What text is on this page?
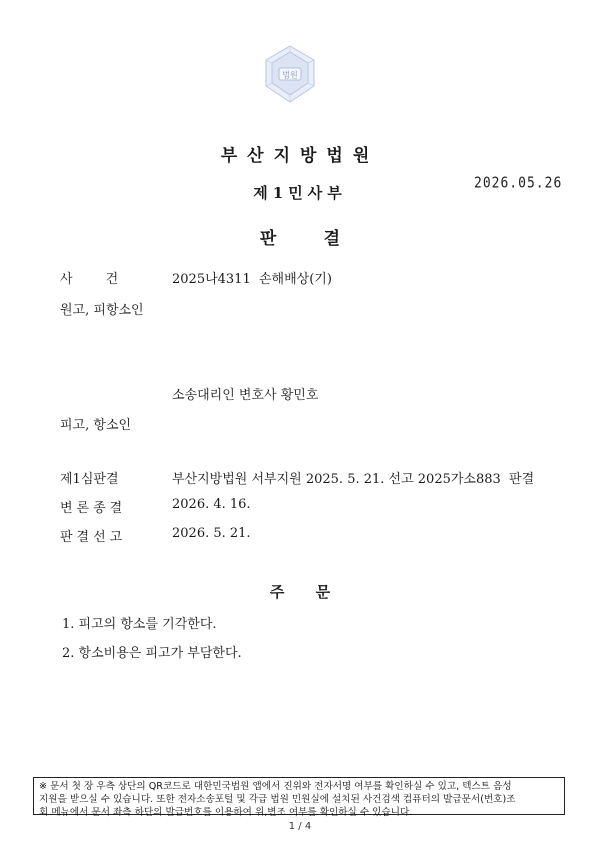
법원
부산지방법원
제1민사부
2026.05.26
판        결
사        건	2025나4311  손해배상(기)
원고, 피항소인
소송대리인 변호사 황민호
피고, 항소인
제1심판결	부산지방법원 서부지원 2025. 5. 21. 선고 2025가소883  판결
변론종결	2026. 4. 16.
판결선고	2026. 5. 21.
주      문
1. 피고의 항소를 기각한다.
2. 항소비용은 피고가 부담한다.
※ 문서 첫 장 우측 상단의 QR코드로 대한민국법원 앱에서 진위와 전자서명 여부를 확인하실 수 있고, 텍스트 음성
지원을 받으실 수 있습니다. 또한 전자소송포털 및 각급 법원 민원실에 설치된 사건검색 컴퓨터의 발급문서(번호)조
회 메뉴에서 문서 좌측 하단의 발급번호를 이용하여 위,변조 여부를 확인하실 수 있습니다.
1 / 4
